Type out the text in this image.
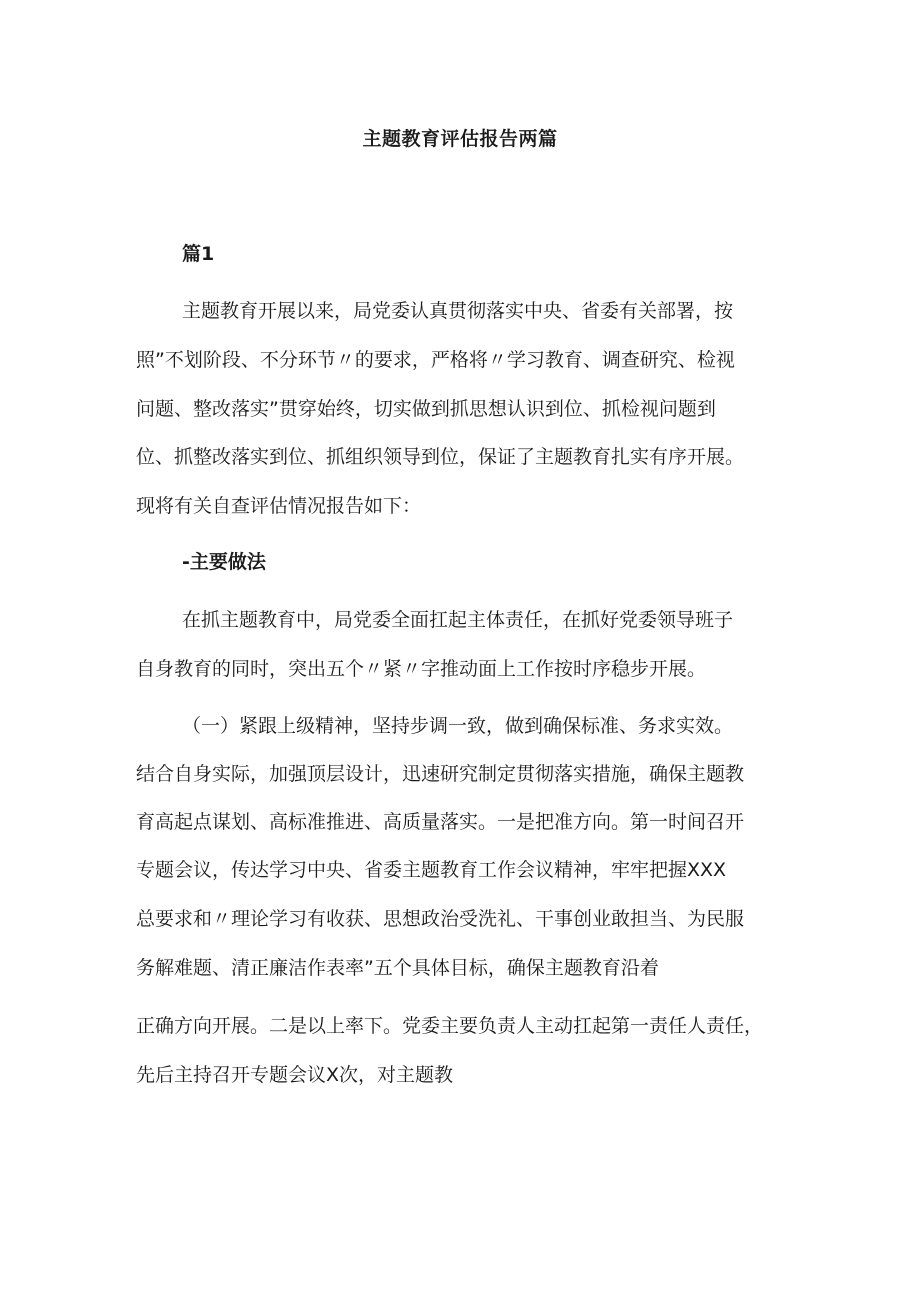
主题教育评估报告两篇
篇1
主题教育开展以来，局党委认真贯彻落实中央、省委有关部署，按
照”不划阶段、不分环节〃的要求，严格将〃学习教育、调查研究、检视
问题、整改落实”贯穿始终，切实做到抓思想认识到位、抓检视问题到
位、抓整改落实到位、抓组织领导到位，保证了主题教育扎实有序开展。
现将有关自查评估情况报告如下：
-主要做法
在抓主题教育中，局党委全面扛起主体责任，在抓好党委领导班子
自身教育的同时，突出五个〃紧〃字推动面上工作按时序稳步开展。
（一）紧跟上级精神，坚持步调一致，做到确保标准、务求实效。
结合自身实际，加强顶层设计，迅速研究制定贯彻落实措施，确保主题教
育高起点谋划、高标准推进、高质量落实。一是把准方向。第一时间召开
专题会议，传达学习中央、省委主题教育工作会议精神，牢牢把握XXX
总要求和〃理论学习有收获、思想政治受洗礼、干事创业敢担当、为民服
务解难题、清正廉洁作表率”五个具体目标，确保主题教育沿着
正确方向开展。二是以上率下。党委主要负责人主动扛起第一责任人责任，
先后主持召开专题会议X次，对主题教
